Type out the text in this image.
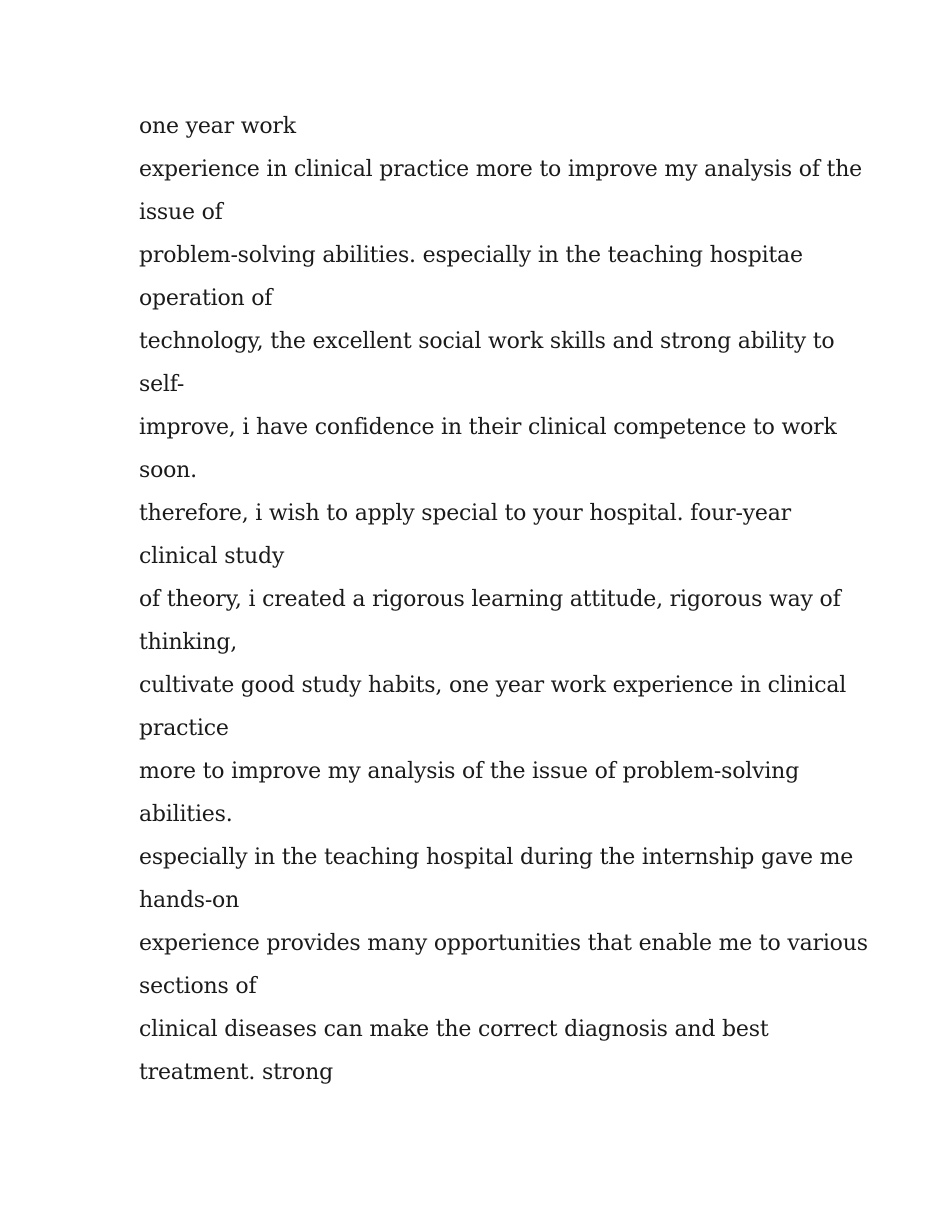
one year work
experience in clinical practice more to improve my analysis of the
issue of
problem-solving abilities. especially in the teaching hospitae
operation of
technology, the excellent social work skills and strong ability to
self-
improve, i have confidence in their clinical competence to work
soon.
therefore, i wish to apply special to your hospital. four-year
clinical study
of theory, i created a rigorous learning attitude, rigorous way of
thinking,
cultivate good study habits, one year work experience in clinical
practice
more to improve my analysis of the issue of problem-solving
abilities.
especially in the teaching hospital during the internship gave me
hands-on
experience provides many opportunities that enable me to various
sections of
clinical diseases can make the correct diagnosis and best
treatment. strong
